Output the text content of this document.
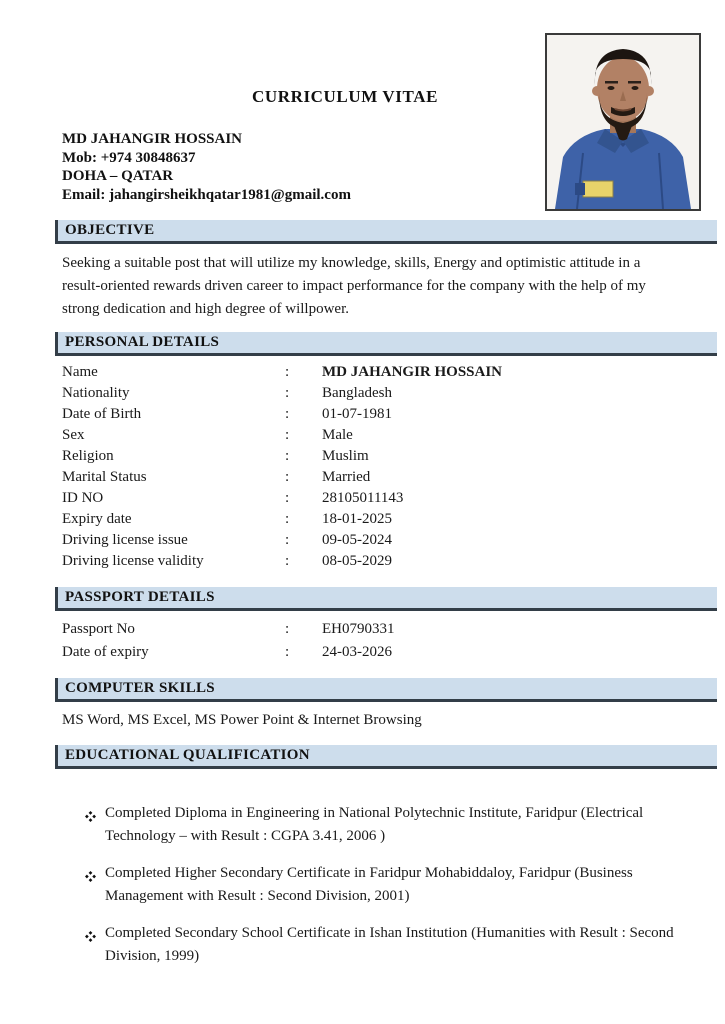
CURRICULUM VITAE
MD JAHANGIR HOSSAIN
Mob: +974 30848637
DOHA – QATAR
Email: jahangirsheikhqatar1981@gmail.com
OBJECTIVE

Seeking a suitable post that will utilize my knowledge, skills, Energy and optimistic attitude in a result-oriented rewards driven career to impact performance for the company with the help of my strong dedication and high degree of willpower.

PERSONAL DETAILS
Name	:	MD JAHANGIR HOSSAIN
Nationality	:	Bangladesh
Date of Birth	:	01-07-1981
Sex	:	Male
Religion	:	Muslim
Marital Status	:	Married
ID NO	:	28105011143
Expiry date	:	18-01-2025
Driving license issue	:	09-05-2024
Driving license validity	:	08-05-2029
PASSPORT DETAILS
Passport No	:	EH0790331
Date of expiry	:	24-03-2026
COMPUTER SKILLS

MS Word, MS Excel, MS Power Point & Internet Browsing

EDUCATIONAL QUALIFICATION
Completed Diploma in Engineering in National Polytechnic Institute, Faridpur (Electrical Technology – with Result : CGPA 3.41, 2006 )
Completed Higher Secondary Certificate in Faridpur Mohabiddaloy, Faridpur (Business Management with Result : Second Division, 2001)
Completed Secondary School Certificate in Ishan Institution (Humanities with Result : Second Division, 1999)
